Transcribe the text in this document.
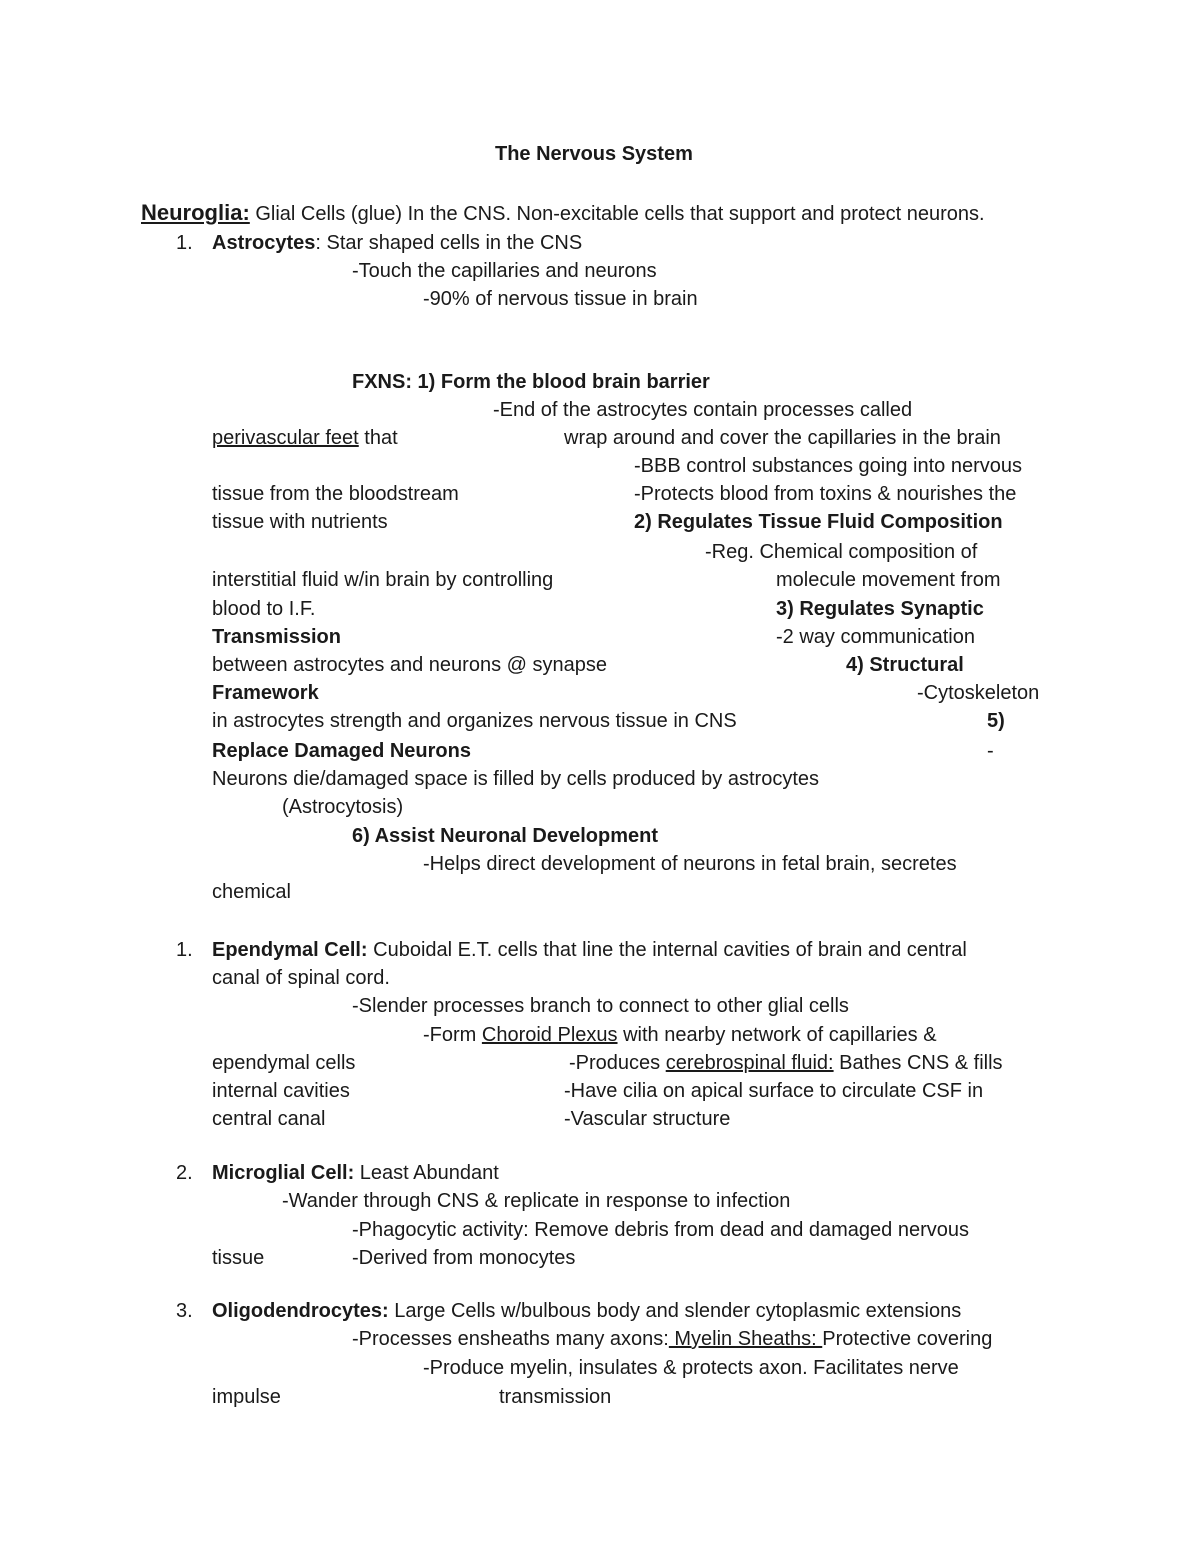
The Nervous System
Neuroglia: Glial Cells (glue) In the CNS. Non-excitable cells that support and protect neurons.
1. Astrocytes: Star shaped cells in the CNS
-Touch the capillaries and neurons
-90% of nervous tissue in brain
FXNS: 1) Form the blood brain barrier
-End of the astrocytes contain processes called
perivascular feet that	wrap around and cover the capillaries in the brain
-BBB control substances going into nervous
tissue from the bloodstream	-Protects blood from toxins & nourishes the
tissue with nutrients	2) Regulates Tissue Fluid Composition
-Reg. Chemical composition of
interstitial fluid w/in brain by controlling	molecule movement from
blood to I.F.	3) Regulates Synaptic
Transmission	-2 way communication
between astrocytes and neurons @ synapse	4) Structural
Framework	-Cytoskeleton
in astrocytes strength and organizes nervous tissue in CNS	5)
Replace Damaged Neurons	-
Neurons die/damaged space is filled by cells produced by astrocytes
(Astrocytosis)
6) Assist Neuronal Development
-Helps direct development of neurons in fetal brain, secretes
chemical
1. Ependymal Cell: Cuboidal E.T. cells that line the internal cavities of brain and central
canal of spinal cord.
-Slender processes branch to connect to other glial cells
-Form Choroid Plexus with nearby network of capillaries &
ependymal cells	-Produces cerebrospinal fluid: Bathes CNS & fills
internal cavities	-Have cilia on apical surface to circulate CSF in
central canal	-Vascular structure
2. Microglial Cell: Least Abundant
-Wander through CNS & replicate in response to infection
-Phagocytic activity: Remove debris from dead and damaged nervous
tissue	-Derived from monocytes
3. Oligodendrocytes: Large Cells w/bulbous body and slender cytoplasmic extensions
-Processes ensheaths many axons: Myelin Sheaths: Protective covering
-Produce myelin, insulates & protects axon. Facilitates nerve
impulse	transmission
